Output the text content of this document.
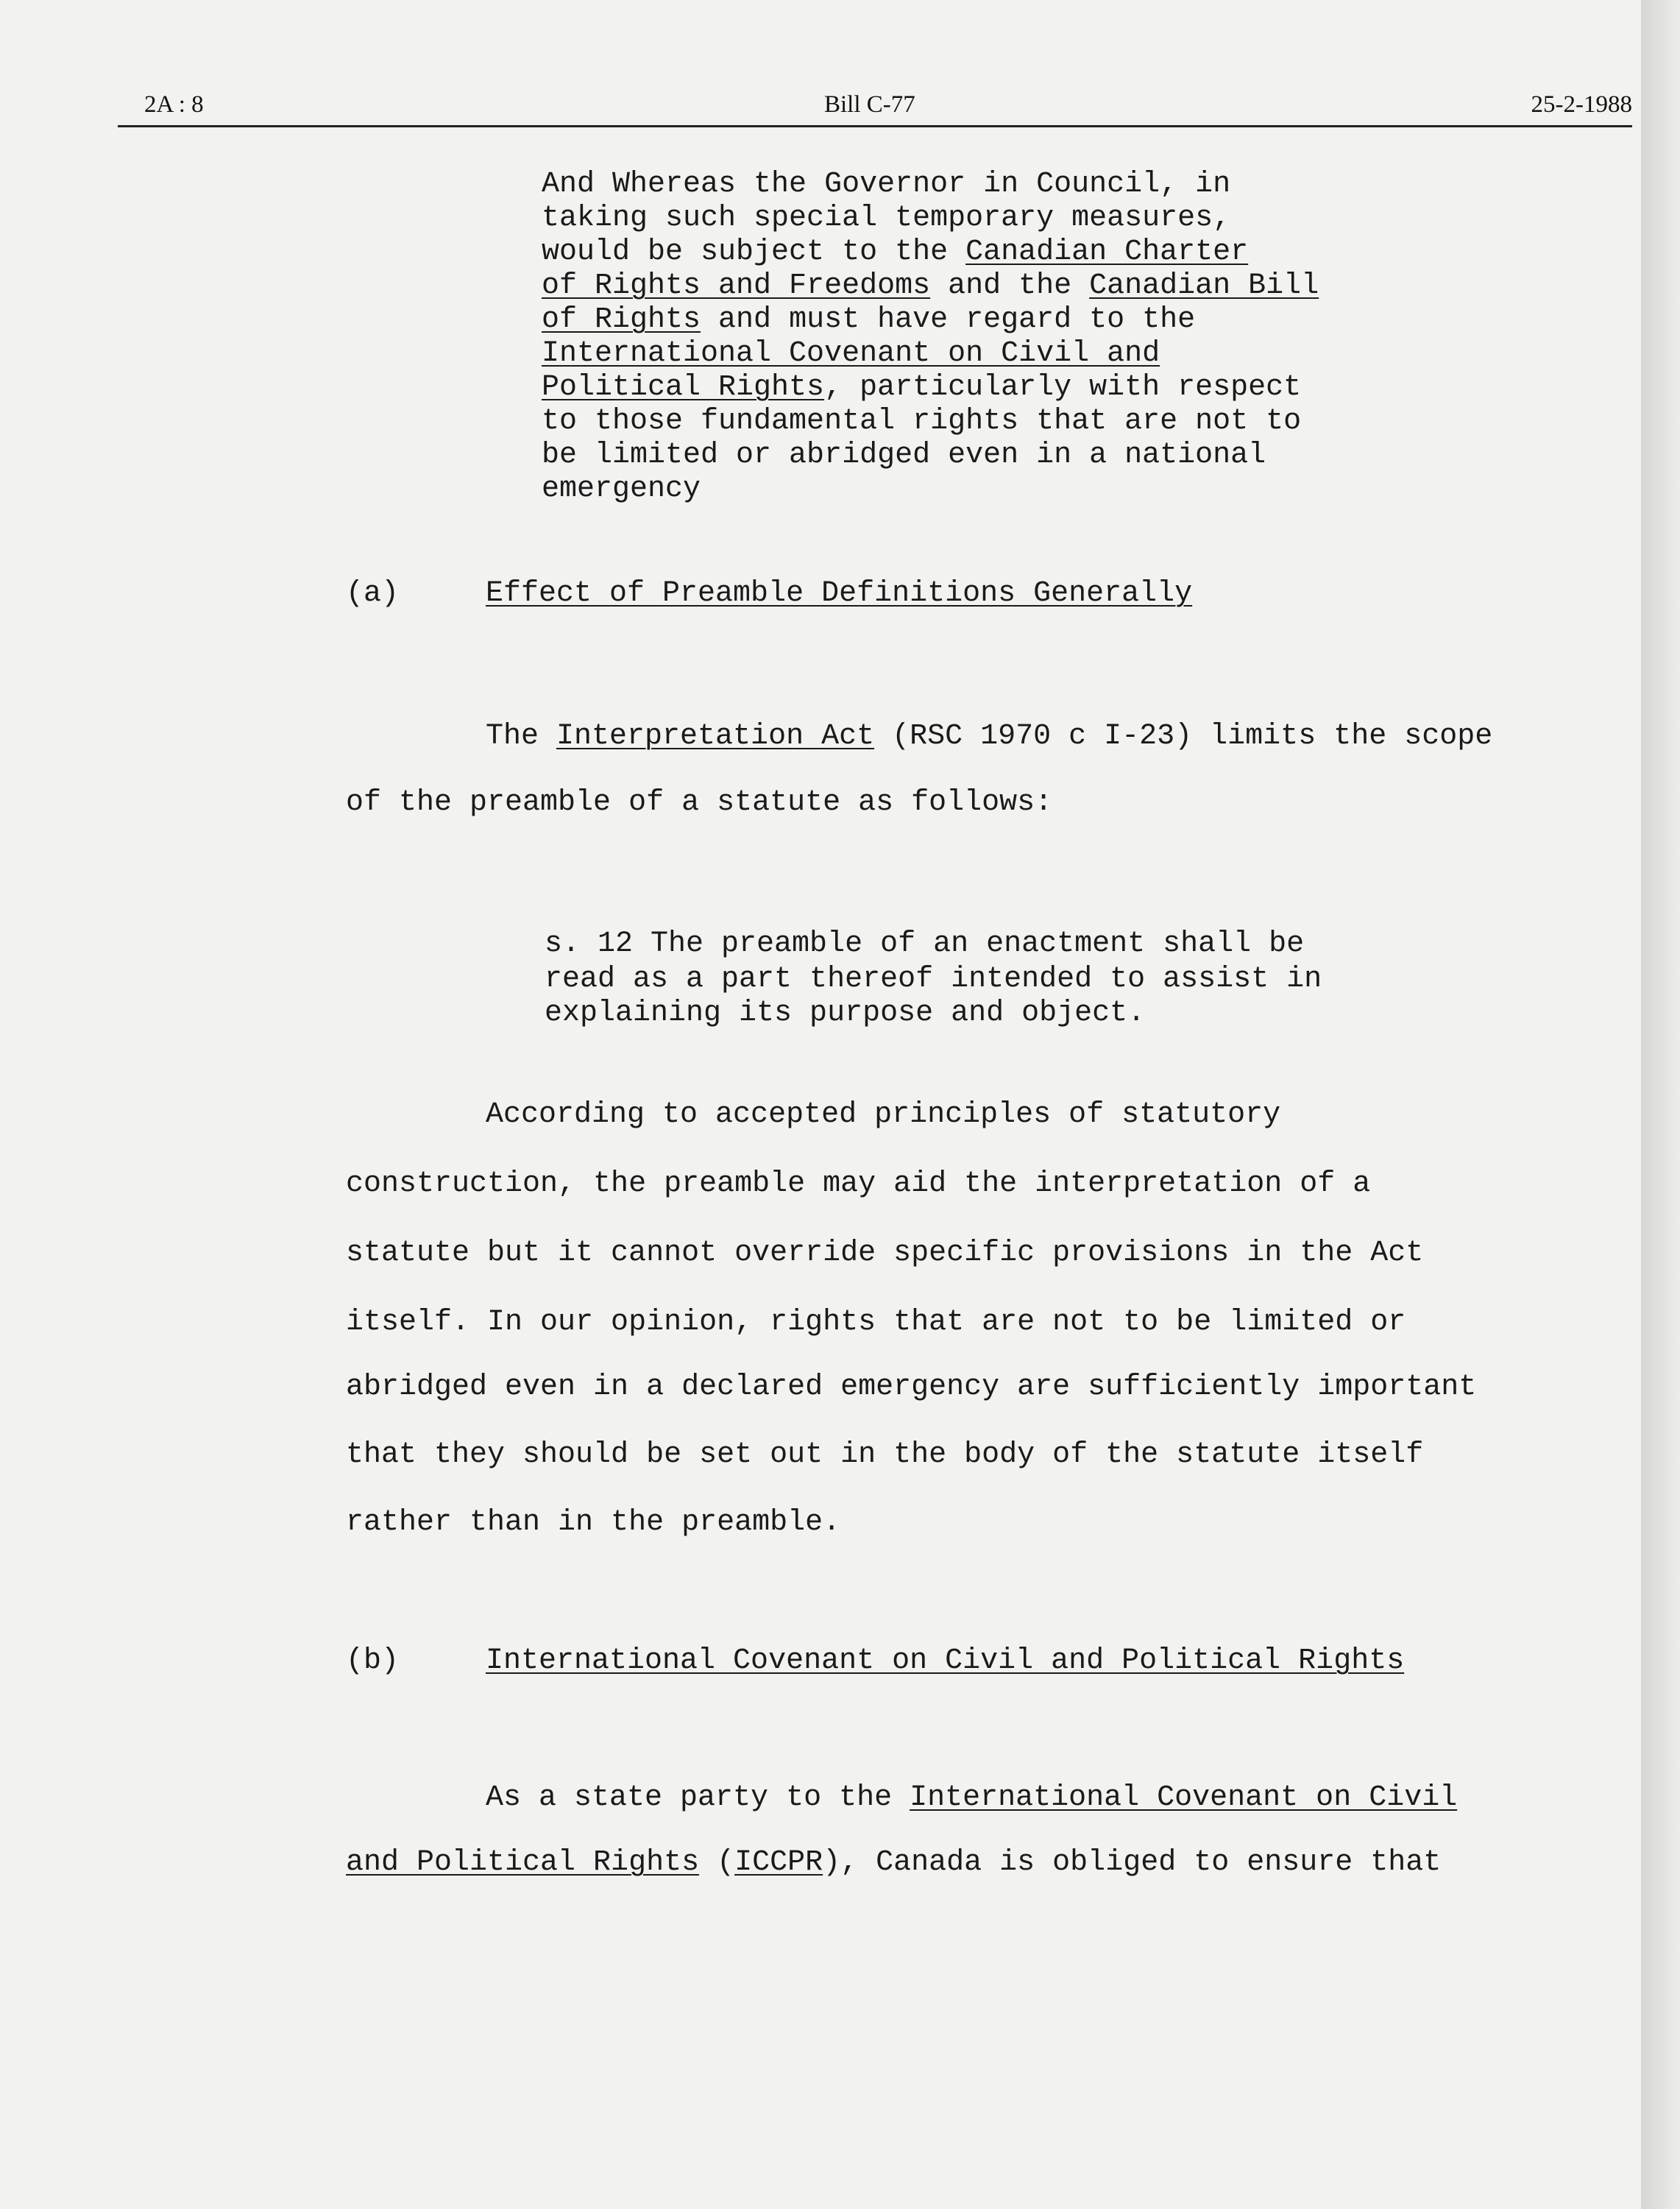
2A : 8	Bill C-77	25-2-1988
And Whereas the Governor in Council, in
taking such special temporary measures,
would be subject to the Canadian Charter
of Rights and Freedoms and the Canadian Bill
of Rights and must have regard to the
International Covenant on Civil and
Political Rights, particularly with respect
to those fundamental rights that are not to
be limited or abridged even in a national
emergency
(a)	Effect of Preamble Definitions Generally
The Interpretation Act (RSC 1970 c I-23) limits the scope
of the preamble of a statute as follows:
s. 12 The preamble of an enactment shall be
read as a part thereof intended to assist in
explaining its purpose and object.
According to accepted principles of statutory
construction, the preamble may aid the interpretation of a
statute but it cannot override specific provisions in the Act
itself. In our opinion, rights that are not to be limited or
abridged even in a declared emergency are sufficiently important
that they should be set out in the body of the statute itself
rather than in the preamble.
(b)	International Covenant on Civil and Political Rights
As a state party to the International Covenant on Civil
and Political Rights (ICCPR), Canada is obliged to ensure that
